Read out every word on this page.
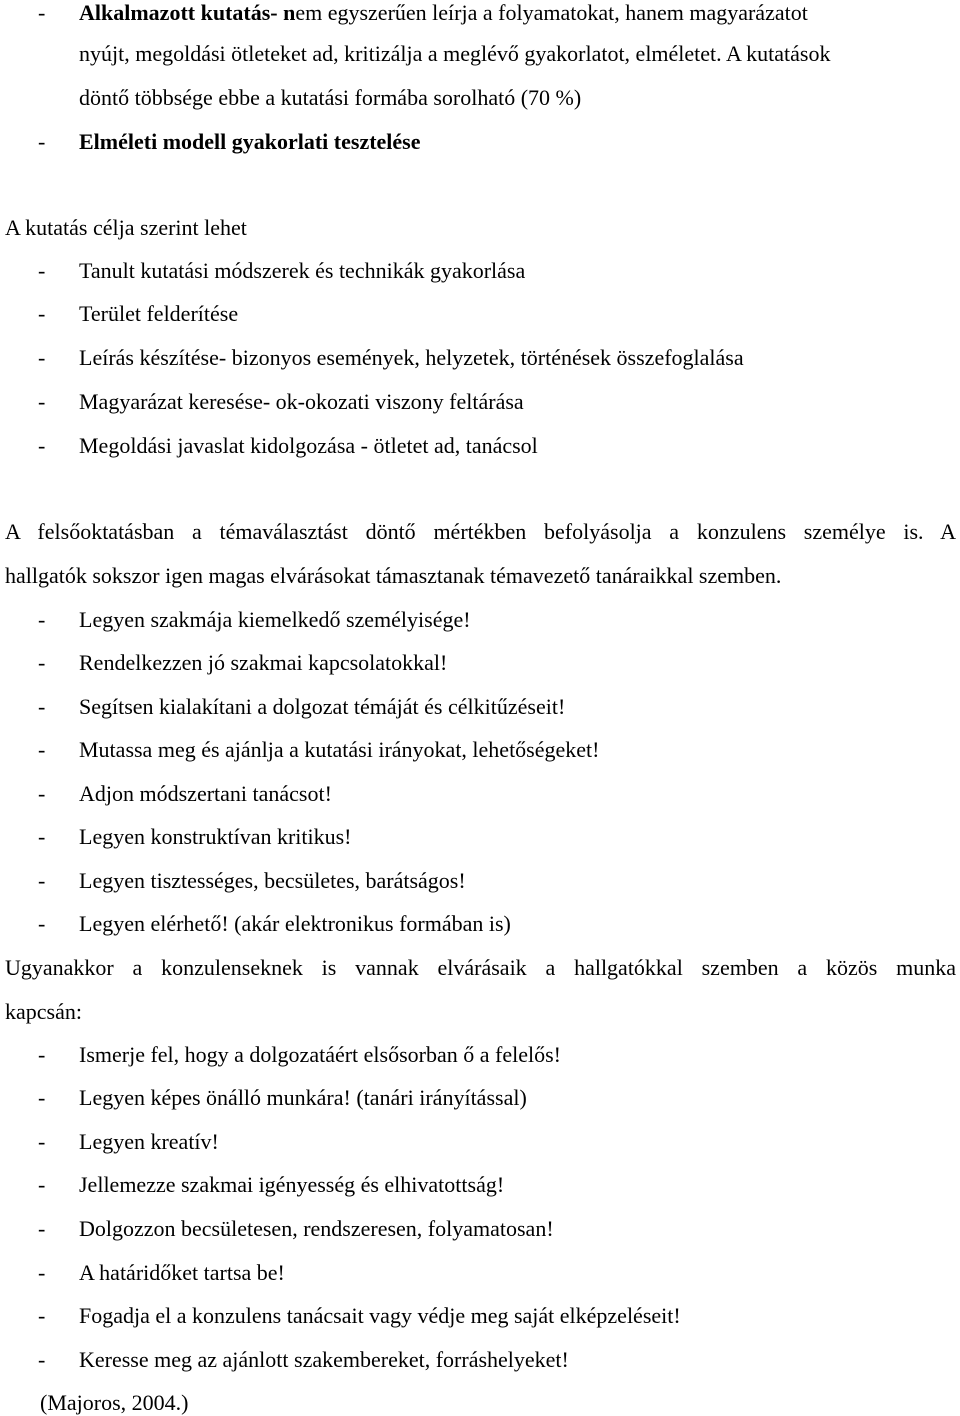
- Alkalmazott kutatás- nem egyszerűen leírja a folyamatokat, hanem magyarázatot
nyújt, megoldási ötleteket ad, kritizálja a meglévő gyakorlatot, elméletet. A kutatások
döntő többsége ebbe a kutatási formába sorolható (70 %)
- Elméleti modell gyakorlati tesztelése
A kutatás célja szerint lehet
- Tanult kutatási módszerek és technikák gyakorlása
- Terület felderítése
- Leírás készítése- bizonyos események, helyzetek, történések összefoglalása
- Magyarázat keresése- ok-okozati viszony feltárása
- Megoldási javaslat kidolgozása - ötletet ad, tanácsol
A felsőoktatásban a témaválasztást döntő mértékben befolyásolja a konzulens személye is. A
hallgatók sokszor igen magas elvárásokat támasztanak témavezető tanáraikkal szemben.
- Legyen szakmája kiemelkedő személyisége!
- Rendelkezzen jó szakmai kapcsolatokkal!
- Segítsen kialakítani a dolgozat témáját és célkitűzéseit!
- Mutassa meg és ajánlja a kutatási irányokat, lehetőségeket!
- Adjon módszertani tanácsot!
- Legyen konstruktívan kritikus!
- Legyen tisztességes, becsületes, barátságos!
- Legyen elérhető! (akár elektronikus formában is)
Ugyanakkor a konzulenseknek is vannak elvárásaik a hallgatókkal szemben a közös munka
kapcsán:
- Ismerje fel, hogy a dolgozatáért elsősorban ő a felelős!
- Legyen képes önálló munkára! (tanári irányítással)
- Legyen kreatív!
- Jellemezze szakmai igényesség és elhivatottság!
- Dolgozzon becsületesen, rendszeresen, folyamatosan!
- A határidőket tartsa be!
- Fogadja el a konzulens tanácsait vagy védje meg saját elképzeléseit!
- Keresse meg az ajánlott szakembereket, forráshelyeket!
(Majoros, 2004.)
